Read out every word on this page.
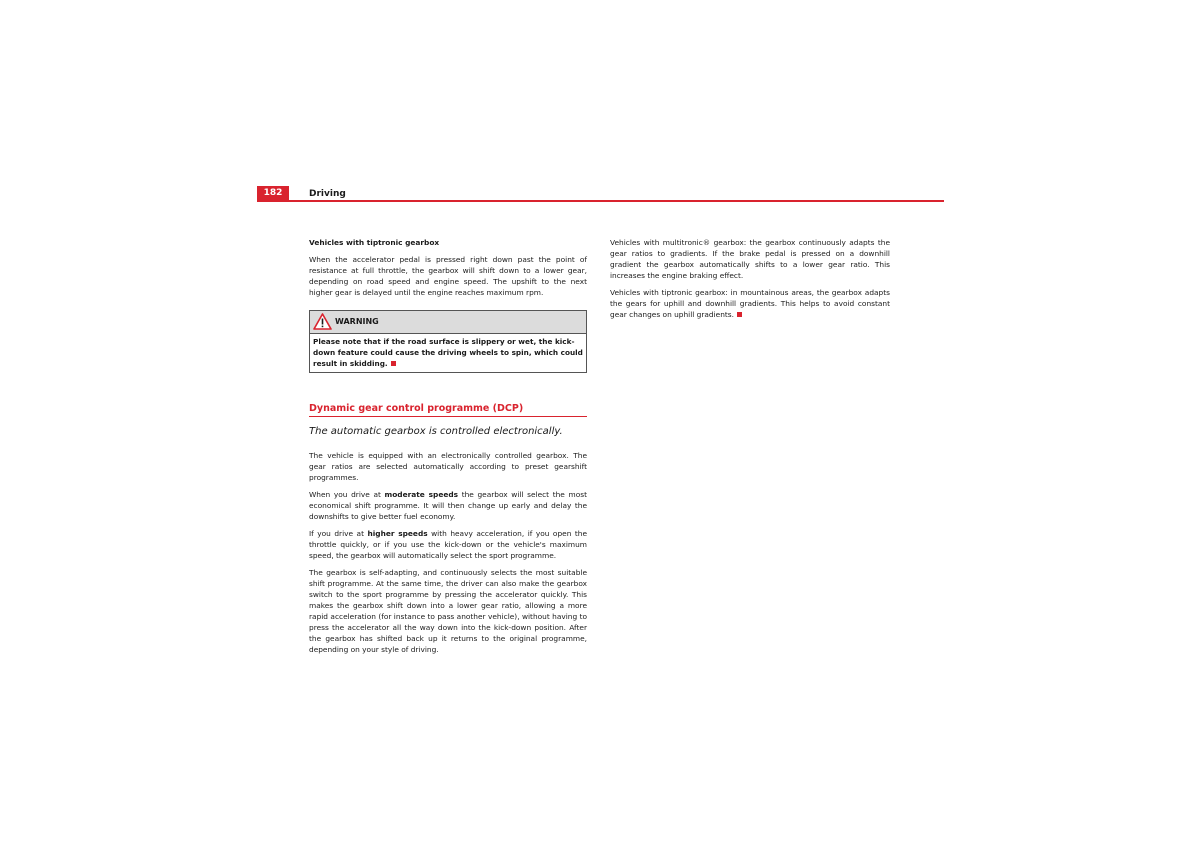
182	Driving

Vehicles with tiptronic gearbox

When the accelerator pedal is pressed right down past the point of resistance at full throttle, the gearbox will shift down to a lower gear, depending on road speed and engine speed. The upshift to the next higher gear is delayed until the engine reaches maximum rpm.

WARNING
Please note that if the road surface is slippery or wet, the kick-down feature could cause the driving wheels to spin, which could result in skidding.
Dynamic gear control programme (DCP)
The automatic gearbox is controlled electronically.

The vehicle is equipped with an electronically controlled gearbox. The gear ratios are selected automatically according to preset gearshift programmes.

When you drive at moderate speeds the gearbox will select the most economical shift programme. It will then change up early and delay the downshifts to give better fuel economy.

If you drive at higher speeds with heavy acceleration, if you open the throttle quickly, or if you use the kick-down or the vehicle's maximum speed, the gearbox will automatically select the sport programme.

The gearbox is self-adapting, and continuously selects the most suitable shift programme. At the same time, the driver can also make the gearbox switch to the sport programme by pressing the accelerator quickly. This makes the gearbox shift down into a lower gear ratio, allowing a more rapid acceleration (for instance to pass another vehicle), without having to press the accelerator all the way down into the kick-down position. After the gearbox has shifted back up it returns to the original programme, depending on your style of driving.

Vehicles with multitronic® gearbox: the gearbox continuously adapts the gear ratios to gradients. If the brake pedal is pressed on a downhill gradient the gearbox automatically shifts to a lower gear ratio. This increases the engine braking effect.

Vehicles with tiptronic gearbox: in mountainous areas, the gearbox adapts the gears for uphill and downhill gradients. This helps to avoid constant gear changes on uphill gradients.
